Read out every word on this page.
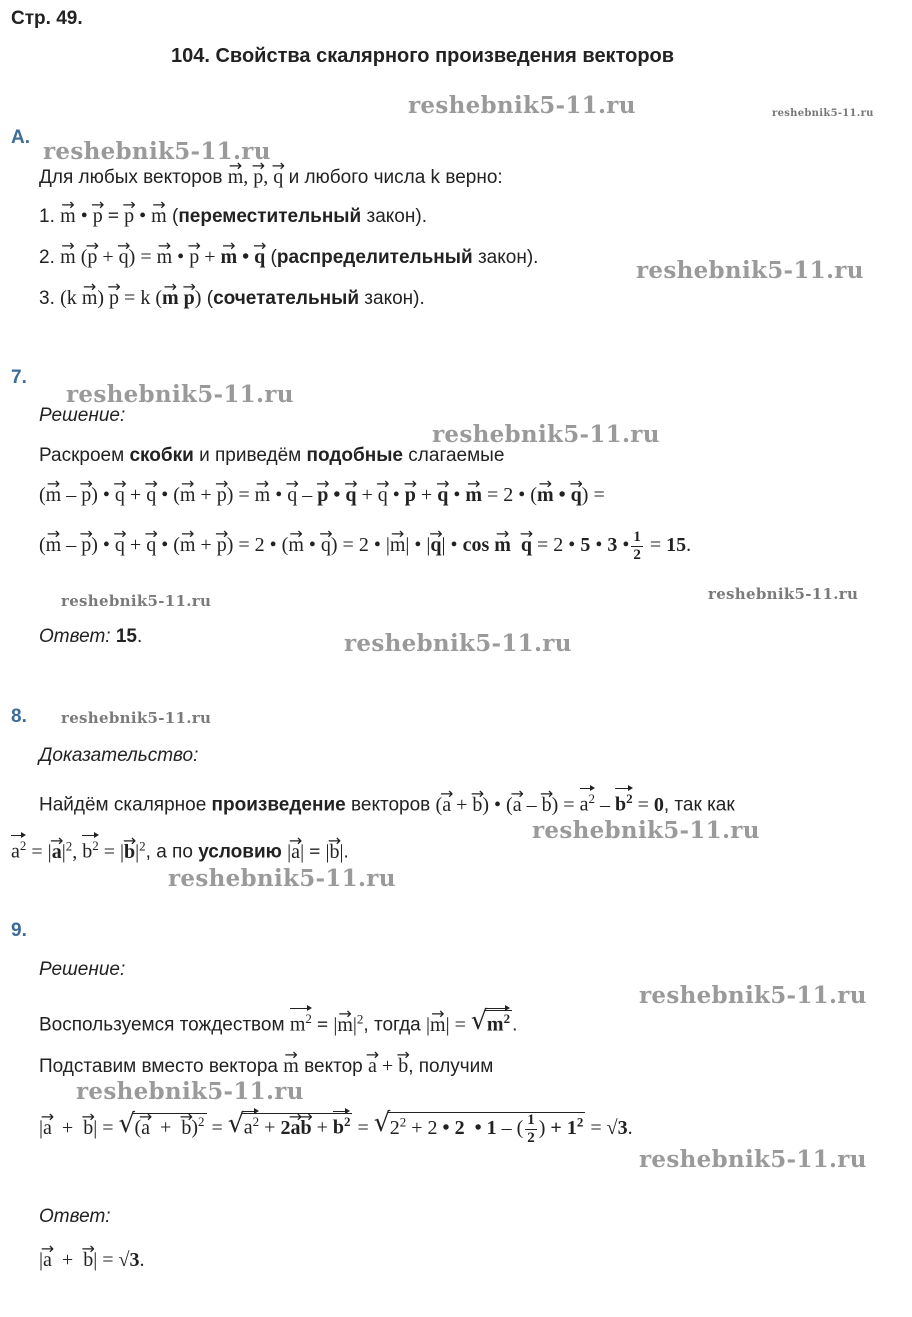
Стр. 49.
104. Свойства скалярного произведения векторов
reshebnik5-11.ru	reshebnik5-11.ru
reshebnik5-11.ru
reshebnik5-11.ru
reshebnik5-11.ru
reshebnik5-11.ru
reshebnik5-11.ru	reshebnik5-11.ru
reshebnik5-11.ru
reshebnik5-11.ru
reshebnik5-11.ru
reshebnik5-11.ru
reshebnik5-11.ru
reshebnik5-11.ru
reshebnik5-11.ru
А.
Для любых векторов → m, → p, → q и любого числа k верно:
1. → m • → p = → p • → m (переместительный закон).
2. → m (→ p + → q) = → m • → p + → m • → q (распределительный закон).
3. (k → m) → p = k (→ m → p) (сочетательный закон).
7.
Решение:
Раскроем скобки и приведём подобные слагаемые
(→ m – → p) • → q + → q • (→ m + → p) = → m • → q – → p • → q + → q • → p + → q • → m = 2 • (→ m • → q) =
(→ m – → p) • → q + → q • (→ m + → p) = 2 • (→ m • → q) = 2 • |→ m| • |→ q| • cos → m → q = 2 • 5 • 3 • $\frac{1}{2} = 15$.
Ответ: 15.
8.
Доказательство:
Найдём скалярное произведение векторов (→ a + → b) • (→ a – → $b) = a^2 - b^2 = 0$, так как
$a^2$ = |→ $a|^2$, $b^2$ = |→ $b|^2$, а по условию |→ a| = |→ b|.
9.
Решение:
Воспользуемся тождеством $m^2$ = |→ $m|^2$, тогда |→ m| = √ $m^2$ .
Подставим вместо вектора → m вектор → a + → b, получим
|→ a  +  → b| = √ (→ a  +  → b)$^2$ = √ $a^2 + 2\to a\to b + b^2$ = √ $2^2 + 2$ • 2 • 1 – ( $\frac{1}{2}$ ) + $1^2 = √3$.
Ответ:
|→ a  +  → b| = √3.
